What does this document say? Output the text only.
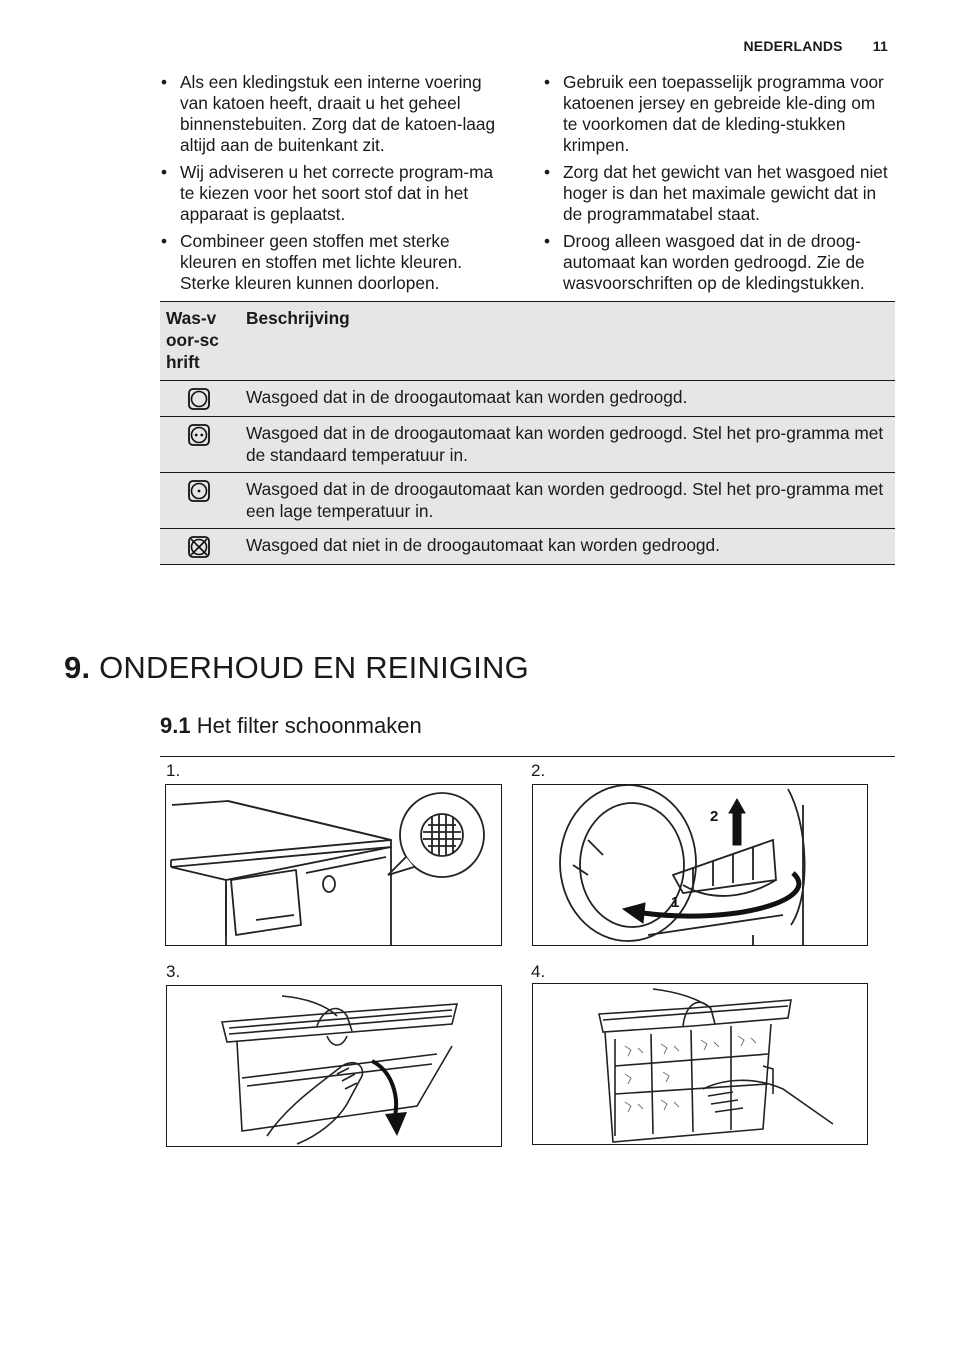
NEDERLANDS 11
• Als een kledingstuk een interne voering van katoen heeft, draait u het geheel binnenstebuiten. Zorg dat de katoen-laag altijd aan de buitenkant zit.
• Wij adviseren u het correcte program-ma te kiezen voor het soort stof dat in het apparaat is geplaatst.
• Combineer geen stoffen met sterke kleuren en stoffen met lichte kleuren. Sterke kleuren kunnen doorlopen.
• Gebruik een toepasselijk programma voor katoenen jersey en gebreide kle-ding om te voorkomen dat de kleding-stukken krimpen.
• Zorg dat het gewicht van het wasgoed niet hoger is dan het maximale gewicht dat in de programmatabel staat.
• Droog alleen wasgoed dat in de droog-automaat kan worden gedroogd. Zie de wasvoorschriften op de kledingstukken.
Was-voor-schrift	Beschrijving

	Wasgoed dat in de droogautomaat kan worden gedroogd.

	Wasgoed dat in de droogautomaat kan worden gedroogd. Stel het pro-gramma met de standaard temperatuur in.

	Wasgoed dat in de droogautomaat kan worden gedroogd. Stel het pro-gramma met een lage temperatuur in.

	Wasgoed dat niet in de droogautomaat kan worden gedroogd.
9. ONDERHOUD EN REINIGING
9.1 Het filter schoonmaken
1.	2.
2
1
3.	4.
